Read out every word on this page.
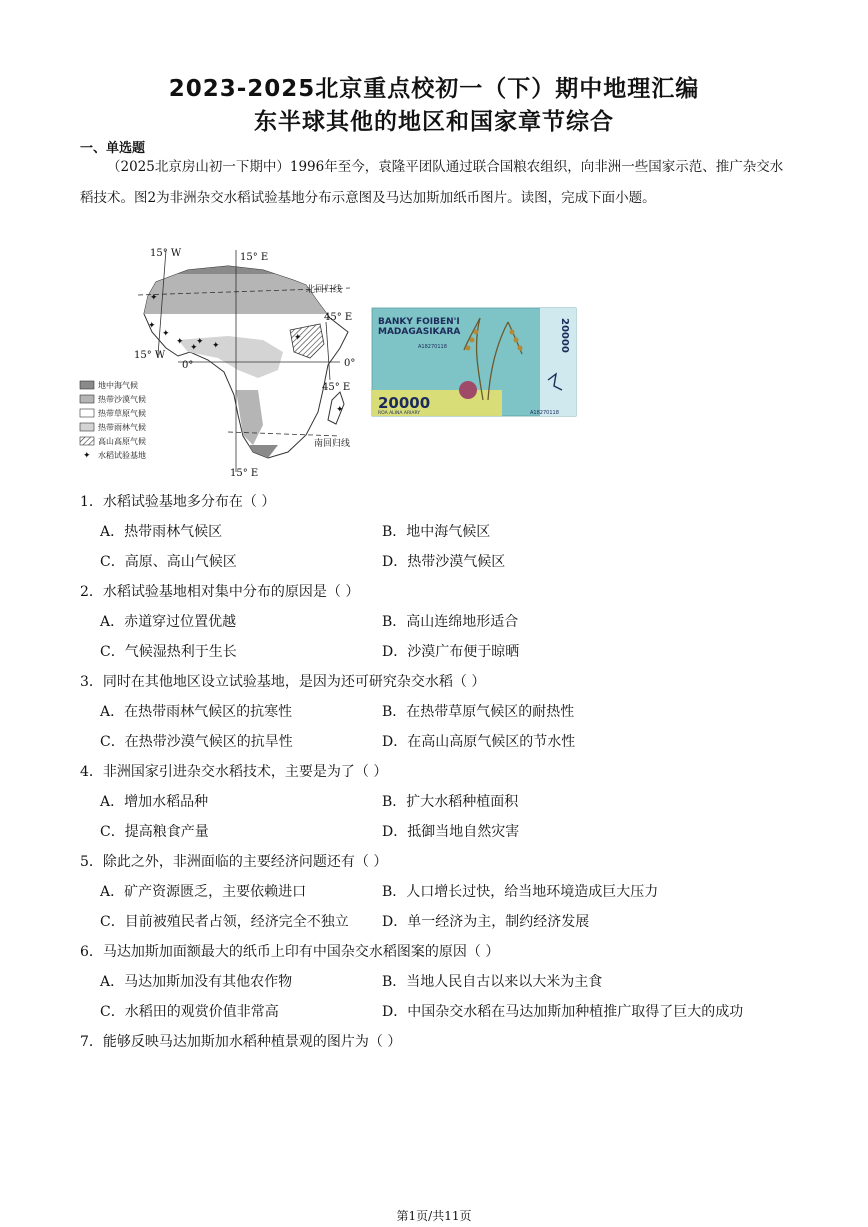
2023-2025北京重点校初一（下）期中地理汇编
东半球其他的地区和国家章节综合
一、单选题
（2025北京房山初一下期中）1996年至今，袁隆平团队通过联合国粮农组织，向非洲一些国家示范、推广杂交水稻技术。图2为非洲杂交水稻试验基地分布示意图及马达加斯加纸币图片。读图，完成下面小题。
✦
✦
✦
✦ ✦ ✦
✦
✦
✦
15° W	15° E
北回归线
45° E
15° W
0°	0°
45° E
南回归线
15° E
地中海气候
热带沙漠气候
热带草原气候
热带雨林气候
高山高原气候
✦ 水稻试验基地
BANKY FOIBEN'I
MADAGASIKARA
A18270118
20000
ROA ALINA ARIARY
20000
A18270118
1．水稻试验基地多分布在（ ）
A．热带雨林气候区	B．地中海气候区
C．高原、高山气候区	D．热带沙漠气候区
2．水稻试验基地相对集中分布的原因是（ ）
A．赤道穿过位置优越	B．高山连绵地形适合
C．气候湿热利于生长	D．沙漠广布便于晾晒
3．同时在其他地区设立试验基地，是因为还可研究杂交水稻（ ）
A．在热带雨林气候区的抗寒性	B．在热带草原气候区的耐热性
C．在热带沙漠气候区的抗旱性	D．在高山高原气候区的节水性
4．非洲国家引进杂交水稻技术，主要是为了（ ）
A．增加水稻品种	B．扩大水稻种植面积
C．提高粮食产量	D．抵御当地自然灾害
5．除此之外，非洲面临的主要经济问题还有（ ）
A．矿产资源匮乏，主要依赖进口	B．人口增长过快，给当地环境造成巨大压力
C．目前被殖民者占领，经济完全不独立 D．单一经济为主，制约经济发展
6．马达加斯加面额最大的纸币上印有中国杂交水稻图案的原因（ ）
A．马达加斯加没有其他农作物	B．当地人民自古以来以大米为主食
C．水稻田的观赏价值非常高	D．中国杂交水稻在马达加斯加种植推广取得了巨大的成功
7．能够反映马达加斯加水稻种植景观的图片为（ ）
第1页/共11页
